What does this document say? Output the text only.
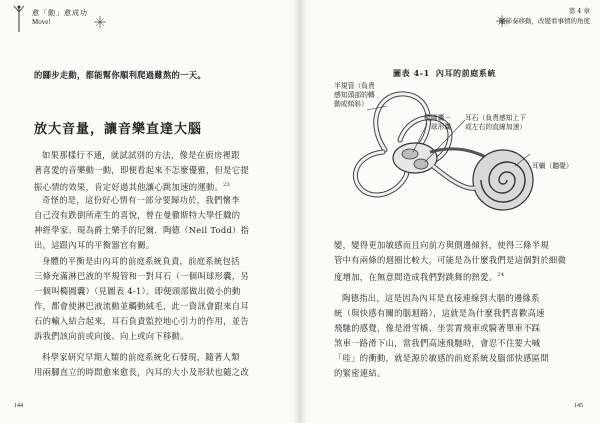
愈「動」愈成功
Move!
第 4 章
隨節奏移動，改變看事情的角度
的腳步走動，都能幫你順利爬過難熬的一天。
放大音量，讓音樂直達大腦
如果那樣行不通，就試試別的方法，像是在廚房裡跟
著喜愛的音樂動一動，即便看起來不怎麼優雅，但是它提
振心情的效果，肯定好過其他讓心跳加速的運動。$^{23}$
奇怪的是，這份好心情有一部分要歸功於，我們懷李
自己沒有跌倒所產生的喜悅，曾在曼徹斯特大學任職的
神經學家、現為爵士樂手的尼爾．陶德（Neil Todd）指
出，這跟內耳的平衡器官有關。
身體的平衡是由內耳的前庭系統負責，前庭系統包括
三條充滿淋巴液的半規管和一對耳石（一個叫球形囊，另
一個叫橢圓囊）（見圖表 4-1）。即便頭部做出微小的動
作，都會使淋巴液流動並觸動絨毛，此一資訊會跟來自耳
石的輸入結合起來，耳石負責監控地心引力的作用，並告
訴我們該向前或向後、向上或向下移動。
科學家研究早期人類的前庭系統化石發現，隨著人類
用兩腳直立的時間愈來愈長，內耳的大小及形狀也隨之改
144
圖表 4-1 內耳的前庭系統
半規管（負責
感知頭部的轉
動或傾斜）
橢圓囊－
球形囊
耳石（負責感知上下
或左右的直線加速）
耳蝸（聽覺）
變，變得更加敏感而且向前方與側邊傾斜，使得三條半規
管中有兩條的迴圈比較大，可能是為什麼我們是這個對於細微
度增加，在無意間造成我們對跳舞的熱愛。$^{24}$
陶德指出，這是因為內耳是直接連線到大腦的邊緣系
統（與快感有關的腦迴路），這就是為什麼我們喜歡高速
飛馳的感覺，像是滑雪橇、坐雲霄飛車或騎著單車不踩
煞車一路滑下山，當我們高速飛馳時，會忍不住要大喊
「哇」的衝動，就是源於敏感的前庭系統及腦部快感區間
的緊密連結。
145
